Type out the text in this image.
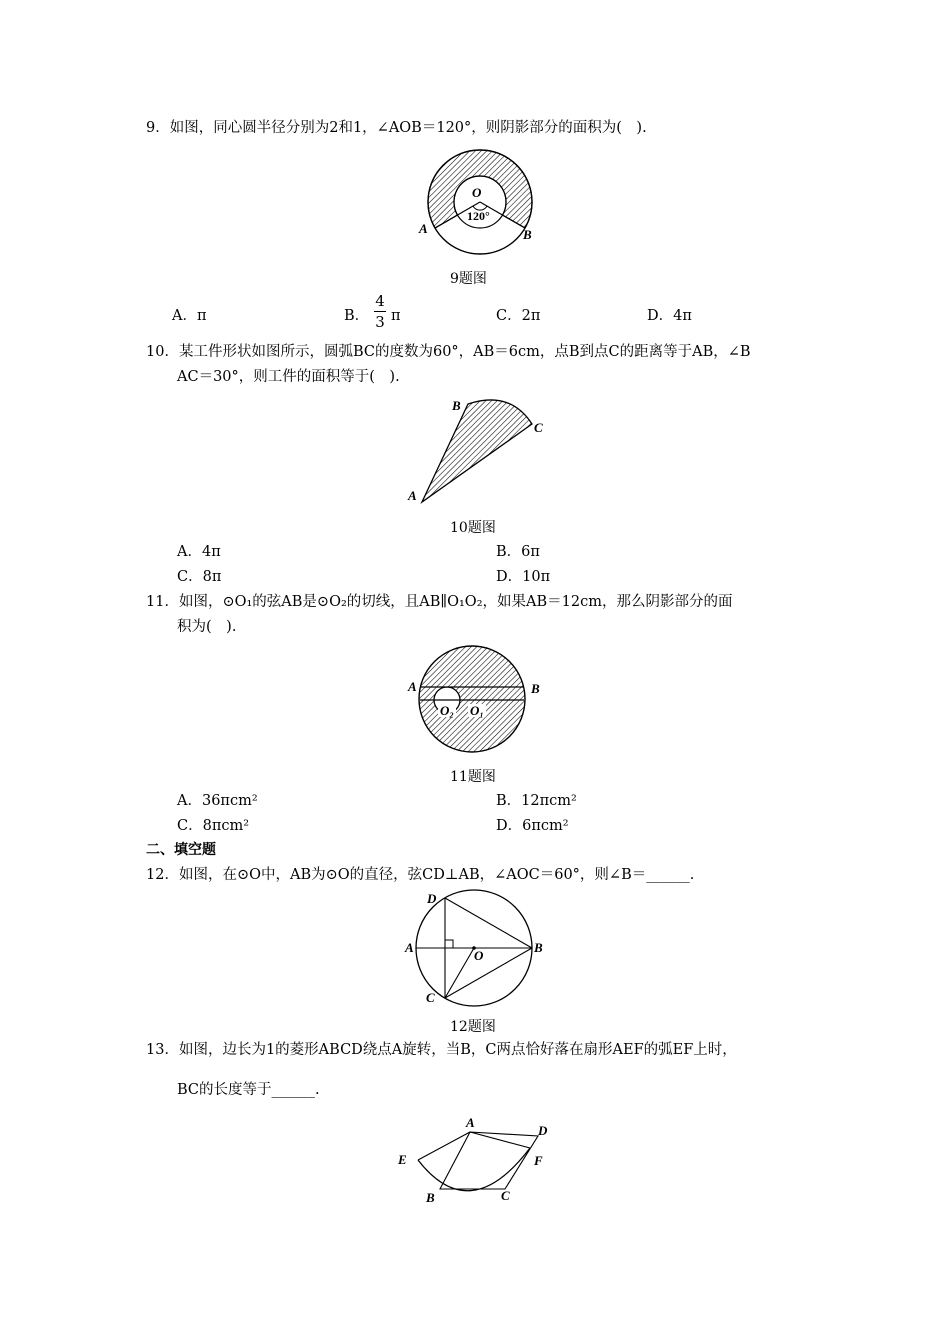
9．如图，同心圆半径分别为2和1，∠AOB＝120°，则阴影部分的面积为(　).
O
120°
A	B
9题图
A．π	B．
4
3 π	C．2π	D．4π
10．某工件形状如图所示，圆弧BC的度数为60°，AB＝6cm，点B到点C的距离等于AB，∠B
AC＝30°，则工件的面积等于(　).
B
C
A
10题图
A．4π	B．6π
C．8π	D．10π
11．如图，⊙O₁的弦AB是⊙O₂的切线，且AB∥O₁O₂，如果AB＝12cm，那么阴影部分的面
积为(　).
A	B
O₂ O₁
11题图
A．36πcm²	B．12πcm²
C．8πcm²	D．6πcm²
二、填空题
12．如图，在⊙O中，AB为⊙O的直径，弦CD⊥AB，∠AOC＝60°，则∠B＝______.
D
A
O
B
C
12题图
13．如图，边长为1的菱形ABCD绕点A旋转，当B，C两点恰好落在扇形AEF的弧EF上时，
BC的长度等于______.
A
D
E	F
B	C
